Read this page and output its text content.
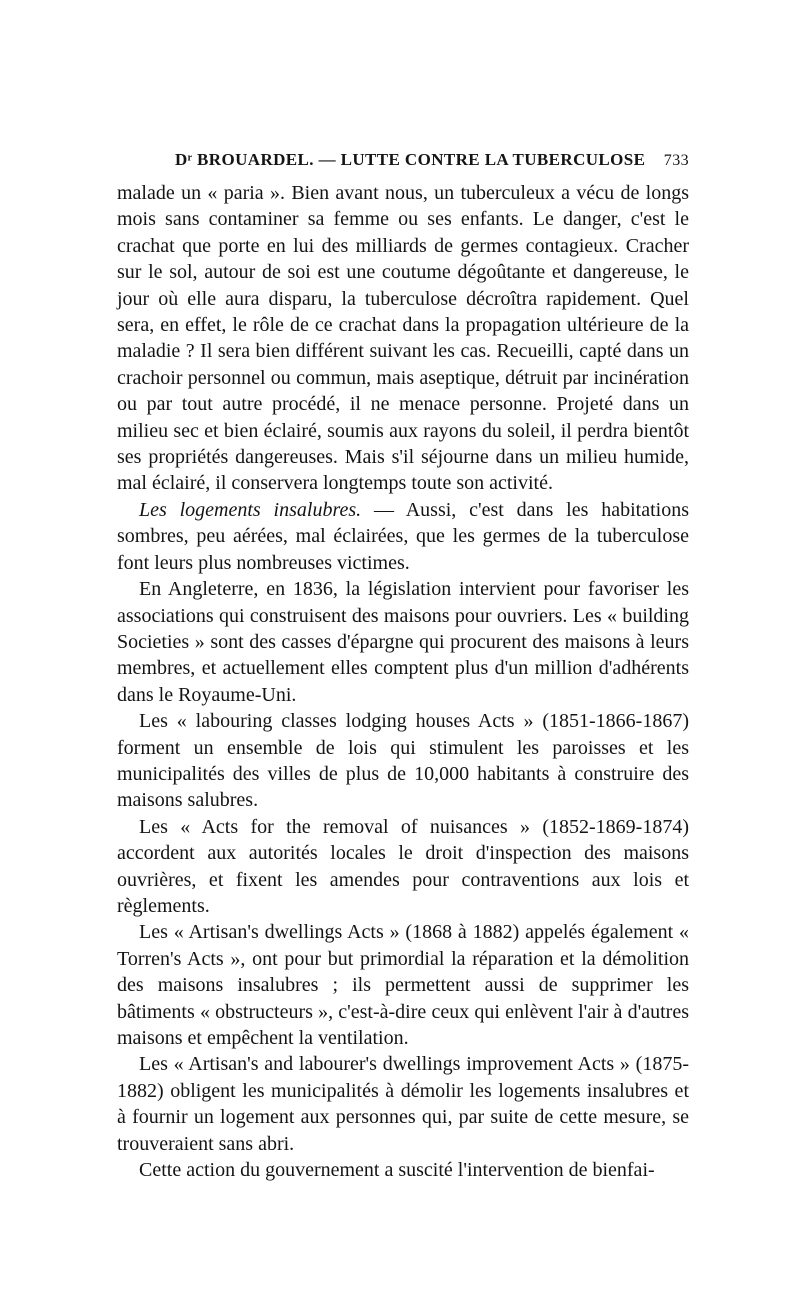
Dʳ BROUARDEL. — LUTTE CONTRE LA TUBERCULOSE 733

malade un « paria ». Bien avant nous, un tuberculeux a vécu de longs mois sans contaminer sa femme ou ses enfants. Le danger, c'est le crachat que porte en lui des milliards de germes contagieux. Cracher sur le sol, autour de soi est une coutume dégoûtante et dangereuse, le jour où elle aura disparu, la tuberculose décroîtra rapidement. Quel sera, en effet, le rôle de ce crachat dans la propagation ultérieure de la maladie ? Il sera bien différent suivant les cas. Recueilli, capté dans un crachoir personnel ou commun, mais aseptique, détruit par incinération ou par tout autre procédé, il ne menace personne. Projeté dans un milieu sec et bien éclairé, soumis aux rayons du soleil, il perdra bientôt ses propriétés dangereuses. Mais s'il séjourne dans un milieu humide, mal éclairé, il conservera longtemps toute son activité.

Les logements insalubres. — Aussi, c'est dans les habitations sombres, peu aérées, mal éclairées, que les germes de la tuberculose font leurs plus nombreuses victimes.

En Angleterre, en 1836, la législation intervient pour favoriser les associations qui construisent des maisons pour ouvriers. Les « building Societies » sont des casses d'épargne qui procurent des maisons à leurs membres, et actuellement elles comptent plus d'un million d'adhérents dans le Royaume-Uni.

Les « labouring classes lodging houses Acts » (1851-1866-1867) forment un ensemble de lois qui stimulent les paroisses et les municipalités des villes de plus de 10,000 habitants à construire des maisons salubres.

Les « Acts for the removal of nuisances » (1852-1869-1874) accordent aux autorités locales le droit d'inspection des maisons ouvrières, et fixent les amendes pour contraventions aux lois et règlements.

Les « Artisan's dwellings Acts » (1868 à 1882) appelés également « Torren's Acts », ont pour but primordial la réparation et la démolition des maisons insalubres ; ils permettent aussi de supprimer les bâtiments « obstructeurs », c'est-à-dire ceux qui enlèvent l'air à d'autres maisons et empêchent la ventilation.

Les « Artisan's and labourer's dwellings improvement Acts » (1875-1882) obligent les municipalités à démolir les logements insalubres et à fournir un logement aux personnes qui, par suite de cette mesure, se trouveraient sans abri.

Cette action du gouvernement a suscité l'intervention de bienfai-
